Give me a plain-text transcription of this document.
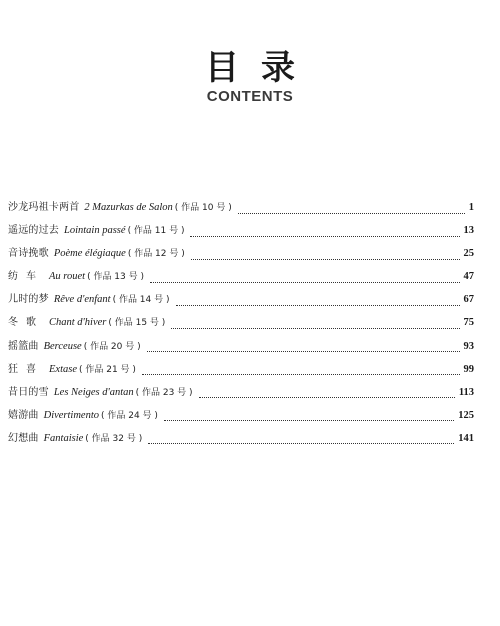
目录
CONTENTS
沙龙玛祖卡两首 2 Mazurkas de Salon ( 作品 10 号 )	1
遥远的过去 Lointain passé ( 作品 11 号 )	13
音诗挽歌 Poème élégiaque ( 作品 12 号 )	25
纺车 Au rouet ( 作品 13 号 )	47
儿时的梦 Rêve d'enfant ( 作品 14 号 )	67
冬歌 Chant d'hiver ( 作品 15 号 )	75
摇篮曲 Berceuse ( 作品 20 号 )	93
狂喜 Extase ( 作品 21 号 )	99
昔日的雪 Les Neiges d'antan ( 作品 23 号 )	113
嬉游曲 Divertimento ( 作品 24 号 )	125
幻想曲 Fantaisie ( 作品 32 号 )	141
